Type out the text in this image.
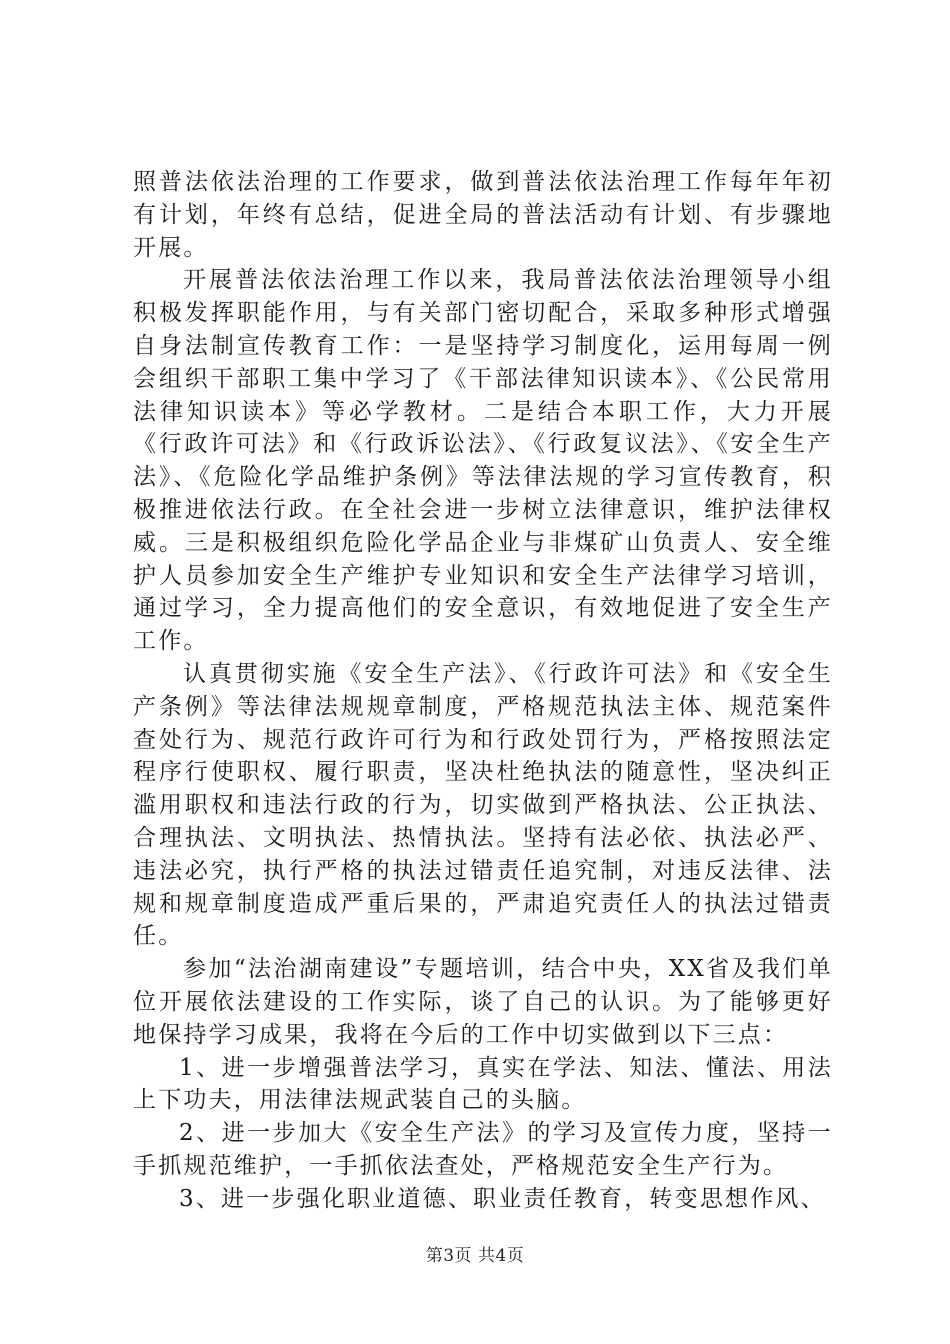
照普法依法治理的工作要求，做到普法依法治理工作每年年初有计划，年终有总结，促进全局的普法活动有计划、有步骤地开展。

开展普法依法治理工作以来，我局普法依法治理领导小组积极发挥职能作用，与有关部门密切配合，采取多种形式增强自身法制宣传教育工作：一是坚持学习制度化，运用每周一例会组织干部职工集中学习了《干部法律知识读本》、《公民常用法律知识读本》等必学教材。二是结合本职工作，大力开展《行政许可法》和《行政诉讼法》、《行政复议法》、《安全生产法》、《危险化学品维护条例》等法律法规的学习宣传教育，积极推进依法行政。在全社会进一步树立法律意识，维护法律权威。三是积极组织危险化学品企业与非煤矿山负责人、安全维护人员参加安全生产维护专业知识和安全生产法律学习培训，通过学习，全力提高他们的安全意识，有效地促进了安全生产工作。

认真贯彻实施《安全生产法》、《行政许可法》和《安全生产条例》等法律法规规章制度，严格规范执法主体、规范案件查处行为、规范行政许可行为和行政处罚行为，严格按照法定程序行使职权、履行职责，坚决杜绝执法的随意性，坚决纠正滥用职权和违法行政的行为，切实做到严格执法、公正执法、合理执法、文明执法、热情执法。坚持有法必依、执法必严、违法必究，执行严格的执法过错责任追究制，对违反法律、法规和规章制度造成严重后果的，严肃追究责任人的执法过错责任。

参加“法治湖南建设”专题培训，结合中央，XX省及我们单位开展依法建设的工作实际，谈了自己的认识。为了能够更好地保持学习成果，我将在今后的工作中切实做到以下三点：

1、进一步增强普法学习，真实在学法、知法、懂法、用法上下功夫，用法律法规武装自己的头脑。

2、进一步加大《安全生产法》的学习及宣传力度，坚持一手抓规范维护，一手抓依法查处，严格规范安全生产行为。

3、进一步强化职业道德、职业责任教育，转变思想作风、

第3页 共4页
